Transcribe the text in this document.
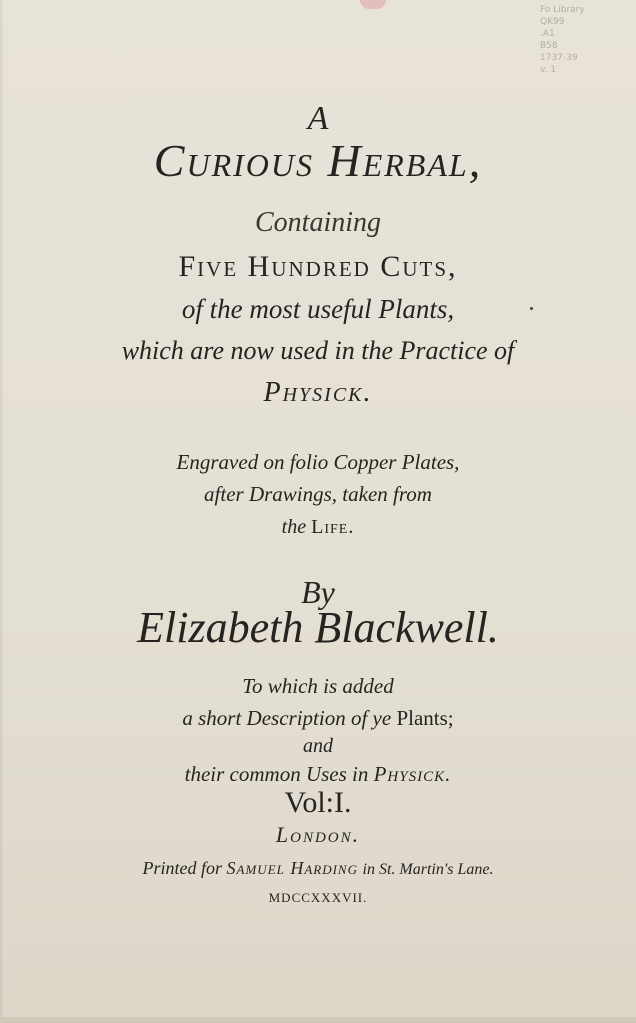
Fo Library
QK99
.A1
B58
1737-39
v. 1
A
Curious Herbal,
Containing
Five Hundred Cuts,
of the most useful Plants,
which are now used in the Practice of
Physick.
Engraved on folio Copper Plates,
after Drawings, taken from
the Life.
By
Elizabeth Blackwell.
To which is added
a short Description of ye Plants;
and
their common Uses in Physick.
Vol:I.
London.
Printed for Samuel Harding in St. Martin's Lane.
MDCCXXXVII.
